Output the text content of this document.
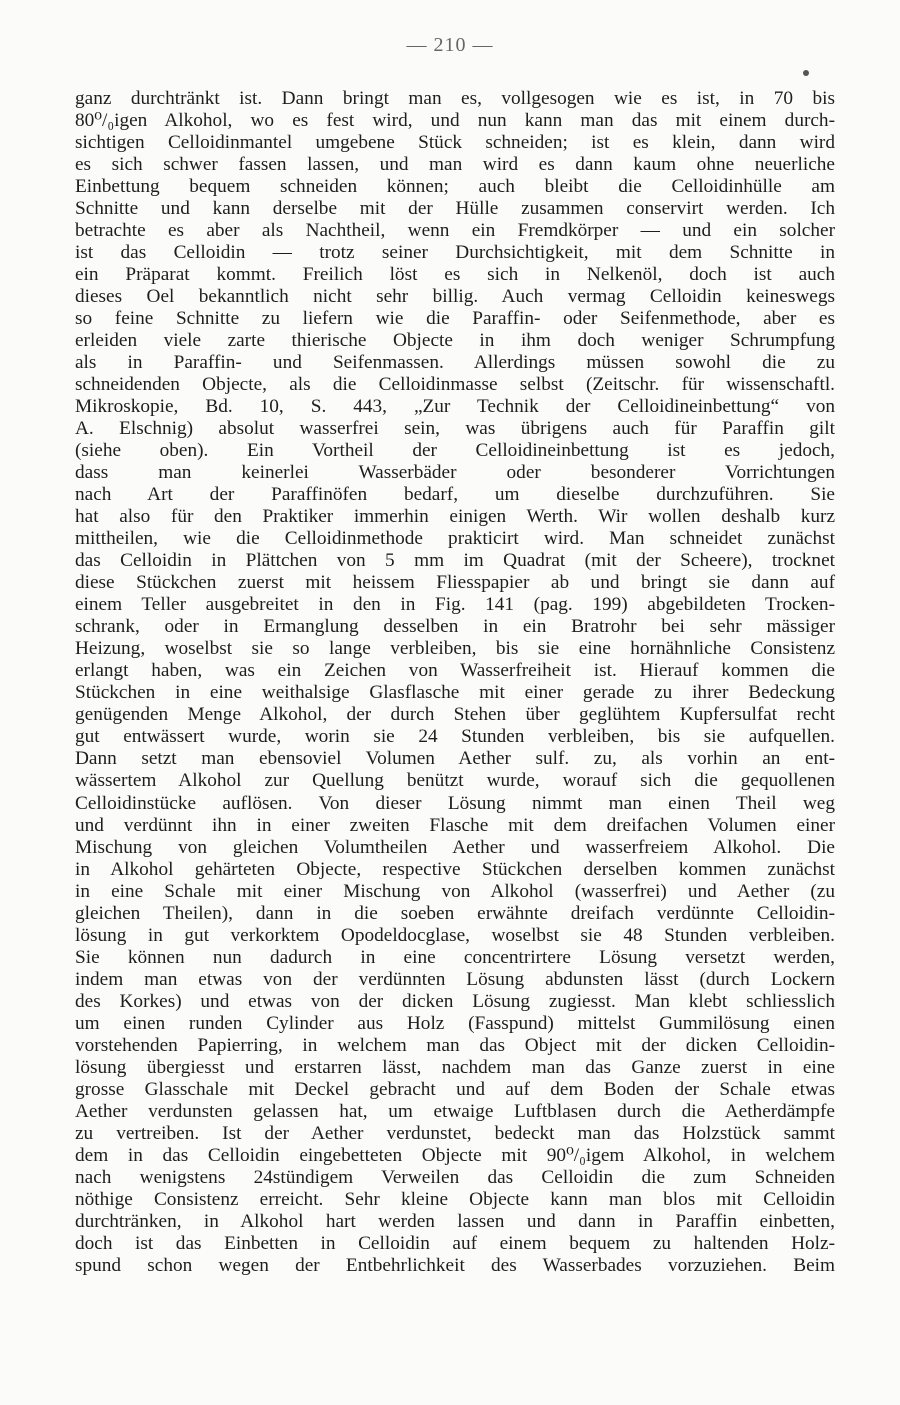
— 210 —
ganz durchtränkt ist. Dann bringt man es, vollgesogen wie es ist, in 70 bis
80⁰/₀igen Alkohol, wo es fest wird, und nun kann man das mit einem durch-
sichtigen Celloidinmantel umgebene Stück schneiden; ist es klein, dann wird
es sich schwer fassen lassen, und man wird es dann kaum ohne neuerliche
Einbettung bequem schneiden können; auch bleibt die Celloidinhülle am
Schnitte und kann derselbe mit der Hülle zusammen conservirt werden. Ich
betrachte es aber als Nachtheil, wenn ein Fremdkörper — und ein solcher
ist das Celloidin — trotz seiner Durchsichtigkeit, mit dem Schnitte in
ein Präparat kommt. Freilich löst es sich in Nelkenöl, doch ist auch
dieses Oel bekanntlich nicht sehr billig. Auch vermag Celloidin keineswegs
so feine Schnitte zu liefern wie die Paraffin- oder Seifenmethode, aber es
erleiden viele zarte thierische Objecte in ihm doch weniger Schrumpfung
als in Paraffin- und Seifenmassen. Allerdings müssen sowohl die zu
schneidenden Objecte, als die Celloidinmasse selbst (Zeitschr. für wissenschaftl.
Mikroskopie, Bd. 10, S. 443, „Zur Technik der Celloidineinbettung“ von
A. Elschnig) absolut wasserfrei sein, was übrigens auch für Paraffin gilt
(siehe oben). Ein Vortheil der Celloidineinbettung ist es jedoch,
dass man keinerlei Wasserbäder oder besonderer Vorrichtungen
nach Art der Paraffinöfen bedarf, um dieselbe durchzuführen. Sie
hat also für den Praktiker immerhin einigen Werth. Wir wollen deshalb kurz
mittheilen, wie die Celloidinmethode prakticirt wird. Man schneidet zunächst
das Celloidin in Plättchen von 5 mm im Quadrat (mit der Scheere), trocknet
diese Stückchen zuerst mit heissem Fliesspapier ab und bringt sie dann auf
einem Teller ausgebreitet in den in Fig. 141 (pag. 199) abgebildeten Trocken-
schrank, oder in Ermanglung desselben in ein Bratrohr bei sehr mässiger
Heizung, woselbst sie so lange verbleiben, bis sie eine hornähnliche Consistenz
erlangt haben, was ein Zeichen von Wasserfreiheit ist. Hierauf kommen die
Stückchen in eine weithalsige Glasflasche mit einer gerade zu ihrer Bedeckung
genügenden Menge Alkohol, der durch Stehen über geglühtem Kupfersulfat recht
gut entwässert wurde, worin sie 24 Stunden verbleiben, bis sie aufquellen.
Dann setzt man ebensoviel Volumen Aether sulf. zu, als vorhin an ent-
wässertem Alkohol zur Quellung benützt wurde, worauf sich die gequollenen
Celloidinstücke auflösen. Von dieser Lösung nimmt man einen Theil weg
und verdünnt ihn in einer zweiten Flasche mit dem dreifachen Volumen einer
Mischung von gleichen Volumtheilen Aether und wasserfreiem Alkohol. Die
in Alkohol gehärteten Objecte, respective Stückchen derselben kommen zunächst
in eine Schale mit einer Mischung von Alkohol (wasserfrei) und Aether (zu
gleichen Theilen), dann in die soeben erwähnte dreifach verdünnte Celloidin-
lösung in gut verkorktem Opodeldocglase, woselbst sie 48 Stunden verbleiben.
Sie können nun dadurch in eine concentrirtere Lösung versetzt werden,
indem man etwas von der verdünnten Lösung abdunsten lässt (durch Lockern
des Korkes) und etwas von der dicken Lösung zugiesst. Man klebt schliesslich
um einen runden Cylinder aus Holz (Fasspund) mittelst Gummilösung einen
vorstehenden Papierring, in welchem man das Object mit der dicken Celloidin-
lösung übergiesst und erstarren lässt, nachdem man das Ganze zuerst in eine
grosse Glasschale mit Deckel gebracht und auf dem Boden der Schale etwas
Aether verdunsten gelassen hat, um etwaige Luftblasen durch die Aetherdämpfe
zu vertreiben. Ist der Aether verdunstet, bedeckt man das Holzstück sammt
dem in das Celloidin eingebetteten Objecte mit 90⁰/₀igem Alkohol, in welchem
nach wenigstens 24stündigem Verweilen das Celloidin die zum Schneiden
nöthige Consistenz erreicht. Sehr kleine Objecte kann man blos mit Celloidin
durchtränken, in Alkohol hart werden lassen und dann in Paraffin einbetten,
doch ist das Einbetten in Celloidin auf einem bequem zu haltenden Holz-
spund schon wegen der Entbehrlichkeit des Wasserbades vorzuziehen. Beim
